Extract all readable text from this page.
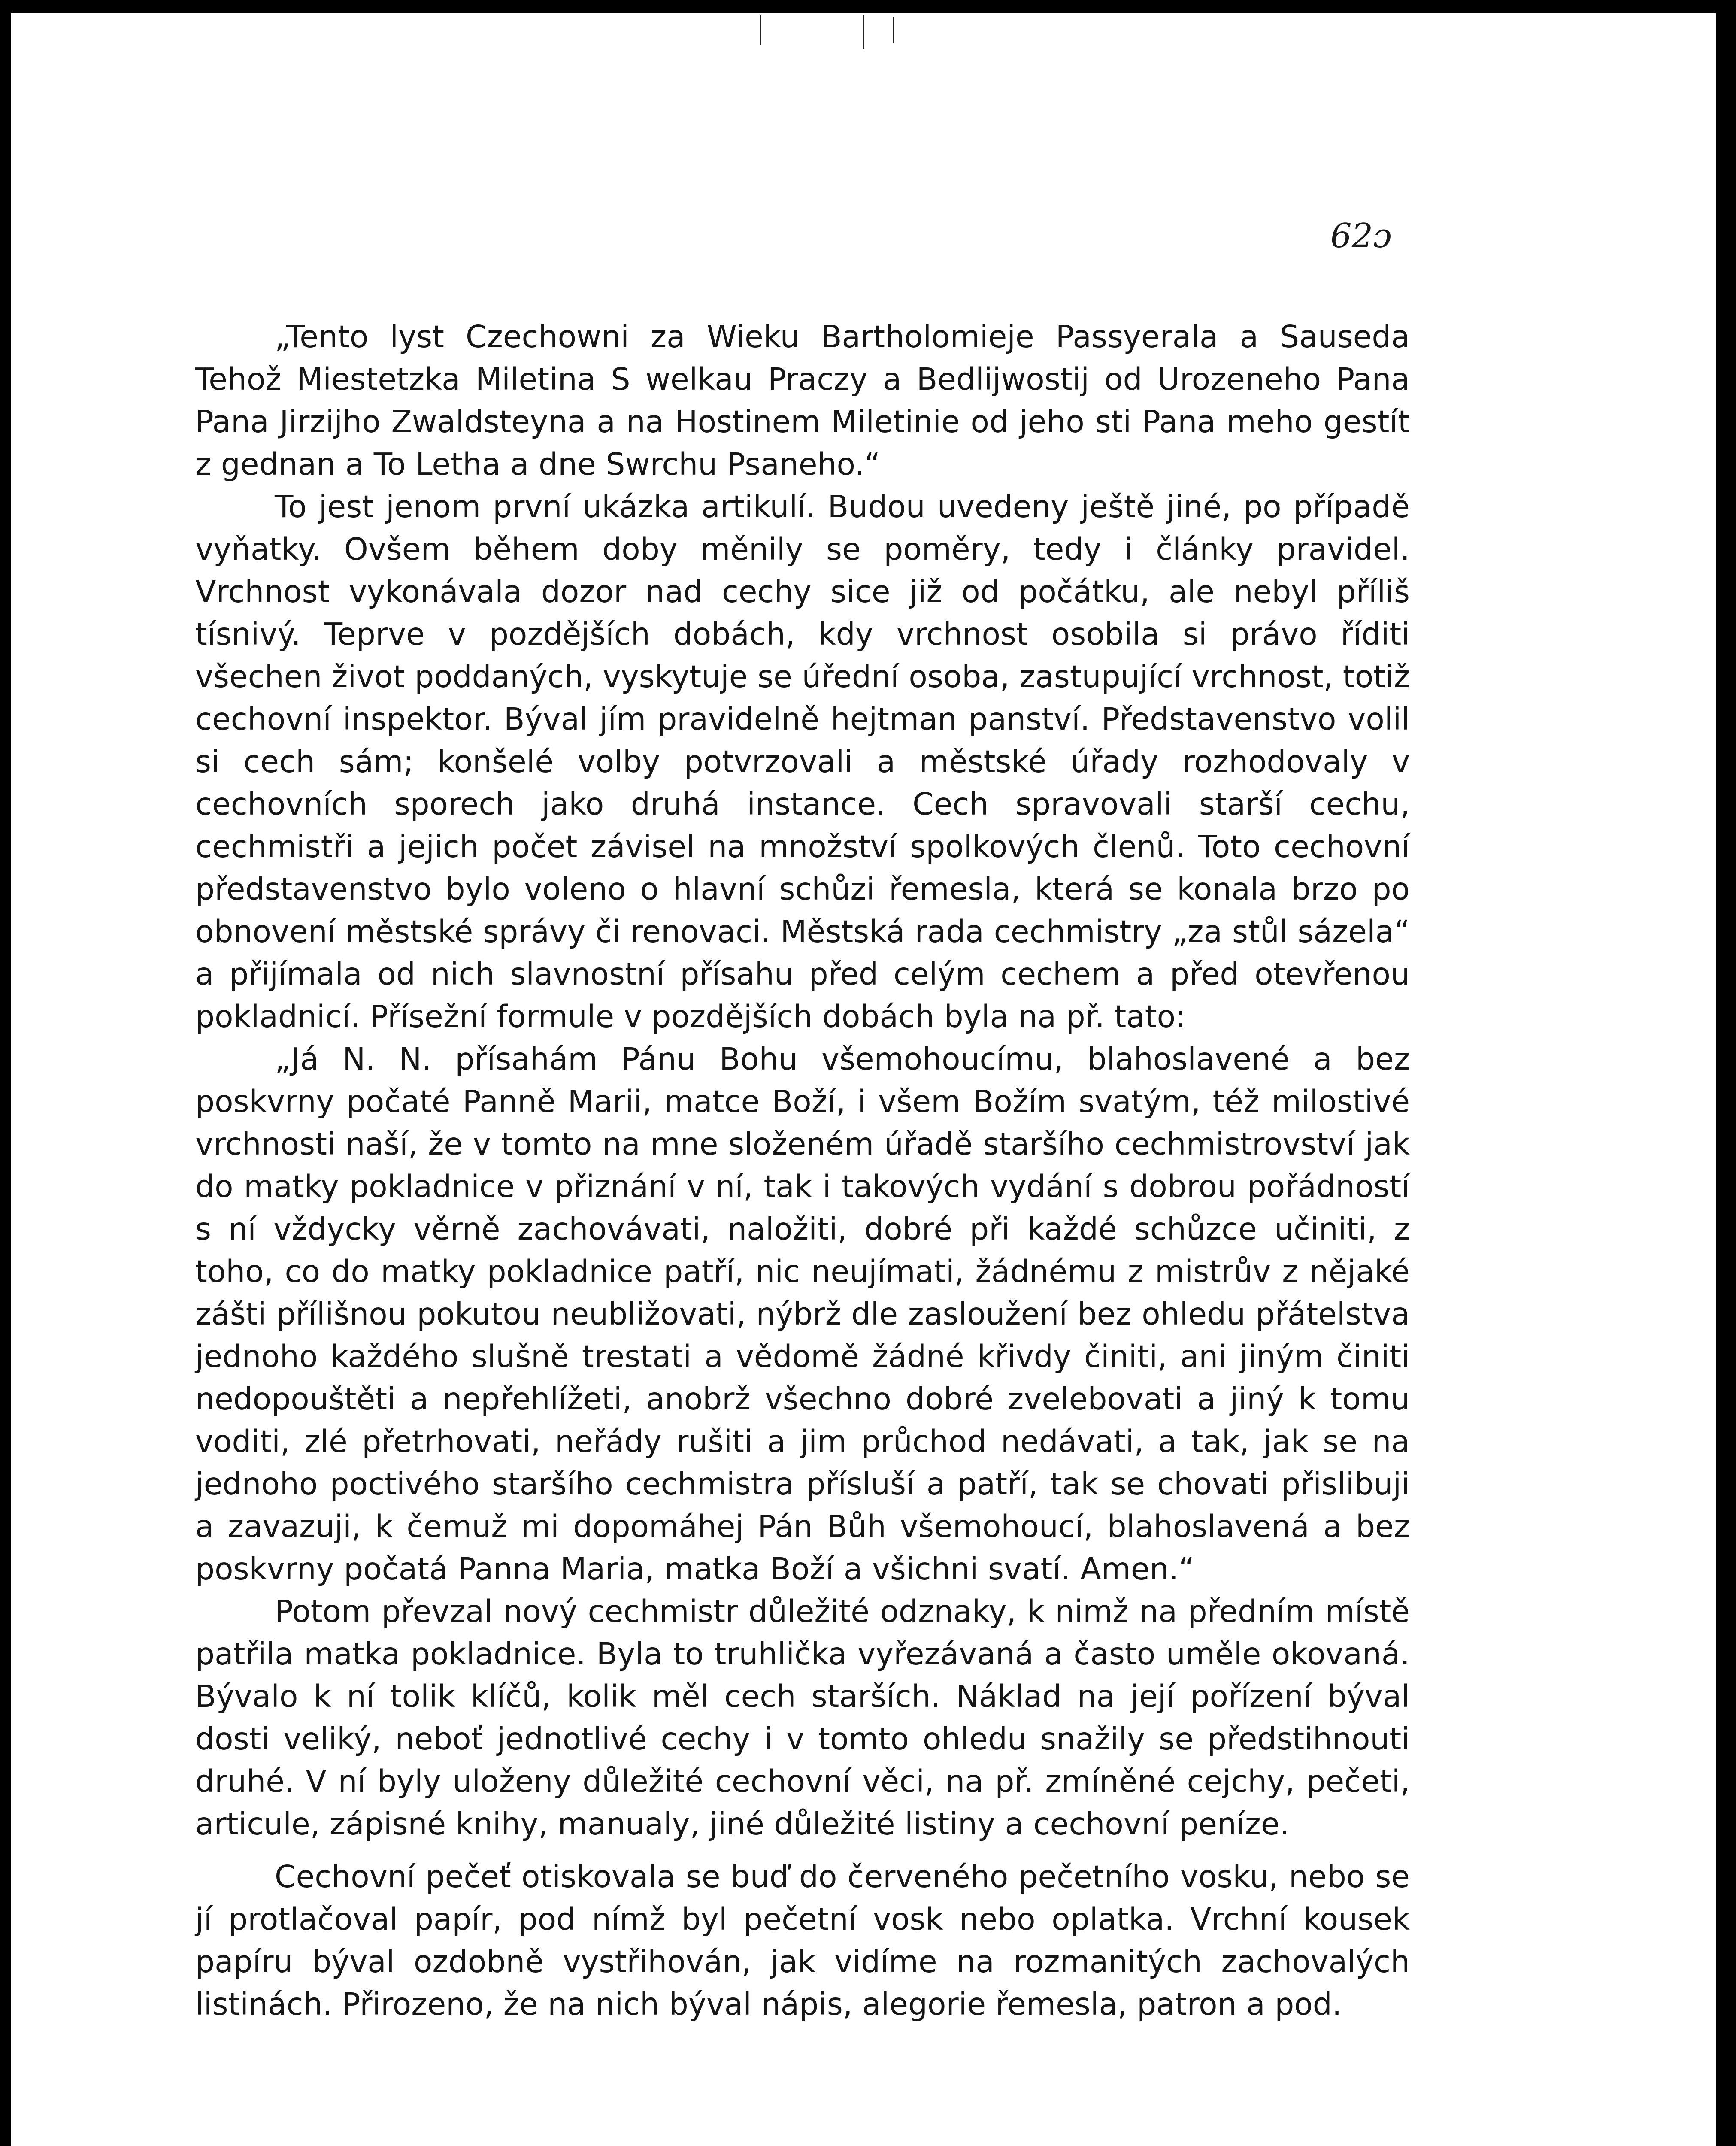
62ɔ

„Tento lyst Czechowni za Wieku Bartholomieje Passyerala a Sauseda Tehož Miestetzka Miletina S welkau Praczy a Bedlijwostij od Urozeneho Pana Pana Jirzijho Zwaldsteyna a na Hostinem Miletinie od jeho sti Pana meho gestít z gednan a To Letha a dne Swrchu Psaneho.“

To jest jenom první ukázka artikulí. Budou uvedeny ještě jiné, po případě vyňatky. Ovšem během doby měnily se poměry, tedy i články pravidel. Vrchnost vykonávala dozor nad cechy sice již od počátku, ale nebyl příliš tísnivý. Teprve v pozdějších dobách, kdy vrchnost osobila si právo říditi všechen život poddaných, vyskytuje se úřední osoba, zastupující vrchnost, totiž cechovní inspektor. Býval jím pravidelně hejtman panství. Představenstvo volil si cech sám; konšelé volby potvrzovali a městské úřady rozhodovaly v cechovních sporech jako druhá instance. Cech spravovali starší cechu, cechmistři a jejich počet závisel na množství spolkových členů. Toto cechovní představenstvo bylo voleno o hlavní schůzi řemesla, která se konala brzo po obnovení městské správy či renovaci. Městská rada cechmistry „za stůl sázela“ a přijímala od nich slavnostní přísahu před celým cechem a před otevřenou pokladnicí. Přísežní formule v pozdějších dobách byla na př. tato:

„Já N. N. přísahám Pánu Bohu všemohoucímu, blahoslavené a bez poskvrny počaté Panně Marii, matce Boží, i všem Božím svatým, též milostivé vrchnosti naší, že v tomto na mne složeném úřadě staršího cechmistrovství jak do matky pokladnice v přiznání v ní, tak i takových vydání s dobrou pořádností s ní vždycky věrně zachovávati, naložiti, dobré při každé schůzce učiniti, z toho, co do matky pokladnice patří, nic neujímati, žádnému z mistrův z nějaké zášti přílišnou pokutou neubližovati, nýbrž dle zasloužení bez ohledu přátelstva jednoho každého slušně trestati a vědomě žádné křivdy činiti, ani jiným činiti nedopouštěti a nepřehlížeti, anobrž všechno dobré zvelebovati a jiný k tomu voditi, zlé přetrhovati, neřády rušiti a jim průchod nedávati, a tak, jak se na jednoho poctivého staršího cechmistra přísluší a patří, tak se chovati přislibuji a zavazuji, k čemuž mi dopomáhej Pán Bůh všemohoucí, blahoslavená a bez poskvrny počatá Panna Maria, matka Boží a všichni svatí. Amen.“

Potom převzal nový cechmistr důležité odznaky, k nimž na předním místě patřila matka pokladnice. Byla to truhlička vyřezávaná a často uměle okovaná. Bývalo k ní tolik klíčů, kolik měl cech starších. Náklad na její pořízení býval dosti veliký, neboť jednotlivé cechy i v tomto ohledu snažily se předstihnouti druhé. V ní byly uloženy důležité cechovní věci, na př. zmíněné cejchy, pečeti, articule, zápisné knihy, manualy, jiné důležité listiny a cechovní peníze.

Cechovní pečeť otiskovala se buď do červeného pečetního vosku, nebo se jí protlačoval papír, pod nímž byl pečetní vosk nebo oplatka. Vrchní kousek papíru býval ozdobně vystřihován, jak vidíme na rozmanitých zachovalých listinách. Přirozeno, že na nich býval nápis, alegorie řemesla, patron a pod.
